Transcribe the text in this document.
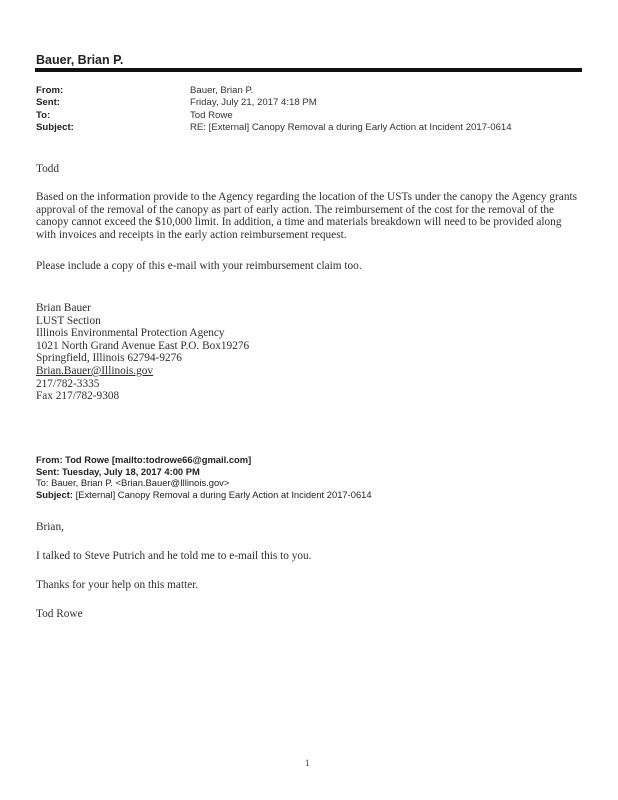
Bauer, Brian P.
From:	Bauer, Brian P.
Sent:	Friday, July 21, 2017 4:18 PM
To:	Tod Rowe
Subject:	RE: [External] Canopy Removal a during Early Action at Incident 2017-0614
Todd
Based on the information provide to the Agency regarding the location of the USTs under the canopy the Agency grants approval of the removal of the canopy as part of early action. The reimbursement of the cost for the removal of the canopy cannot exceed the $10,000 limit. In addition, a time and materials breakdown will need to be provided along with invoices and receipts in the early action reimbursement request.
Please include a copy of this e-mail with your reimbursement claim too.
Brian Bauer
LUST Section
Illinois Environmental Protection Agency
1021 North Grand Avenue East P.O. Box19276
Springfield, Illinois 62794-9276
Brian.Bauer@Illinois.gov
217/782-3335
Fax 217/782-9308
From: Tod Rowe [mailto:todrowe66@gmail.com]
Sent: Tuesday, July 18, 2017 4:00 PM
To: Bauer, Brian P. <Brian.Bauer@Illinois.gov>
Subject: [External] Canopy Removal a during Early Action at Incident 2017-0614
Brian,
I talked to Steve Putrich and he told me to e-mail this to you.
Thanks for your help on this matter.
Tod Rowe
1
